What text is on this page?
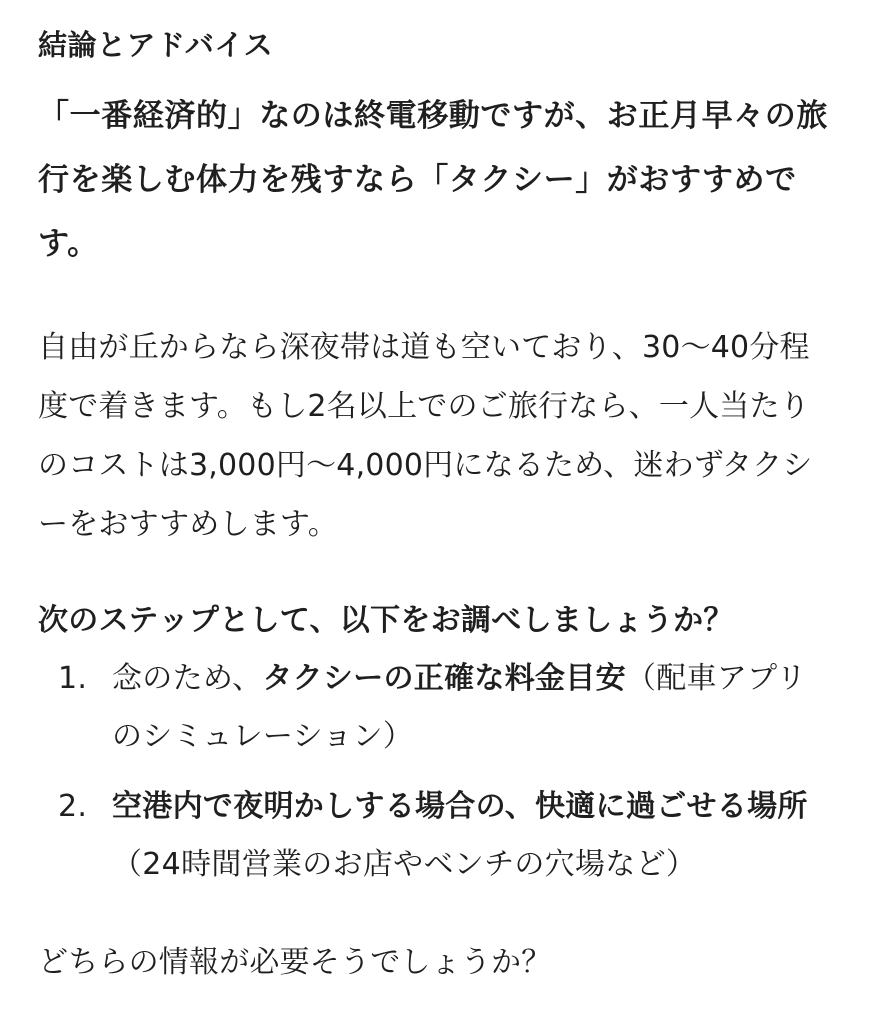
結論とアドバイス

「一番経済的」なのは終電移動ですが、お正月早々の旅行を楽しむ体力を残すなら「タクシー」がおすすめです。

自由が丘からなら深夜帯は道も空いており、30～40分程度で着きます。もし2名以上でのご旅行なら、一人当たりのコストは3,000円～4,000円になるため、迷わずタクシーをおすすめします。

次のステップとして、以下をお調べしましょうか？

1. 念のため、タクシーの正確な料金目安（配車アプリのシミュレーション）
2. 空港内で夜明かしする場合の、快適に過ごせる場所（24時間営業のお店やベンチの穴場など）

どちらの情報が必要そうでしょうか？
